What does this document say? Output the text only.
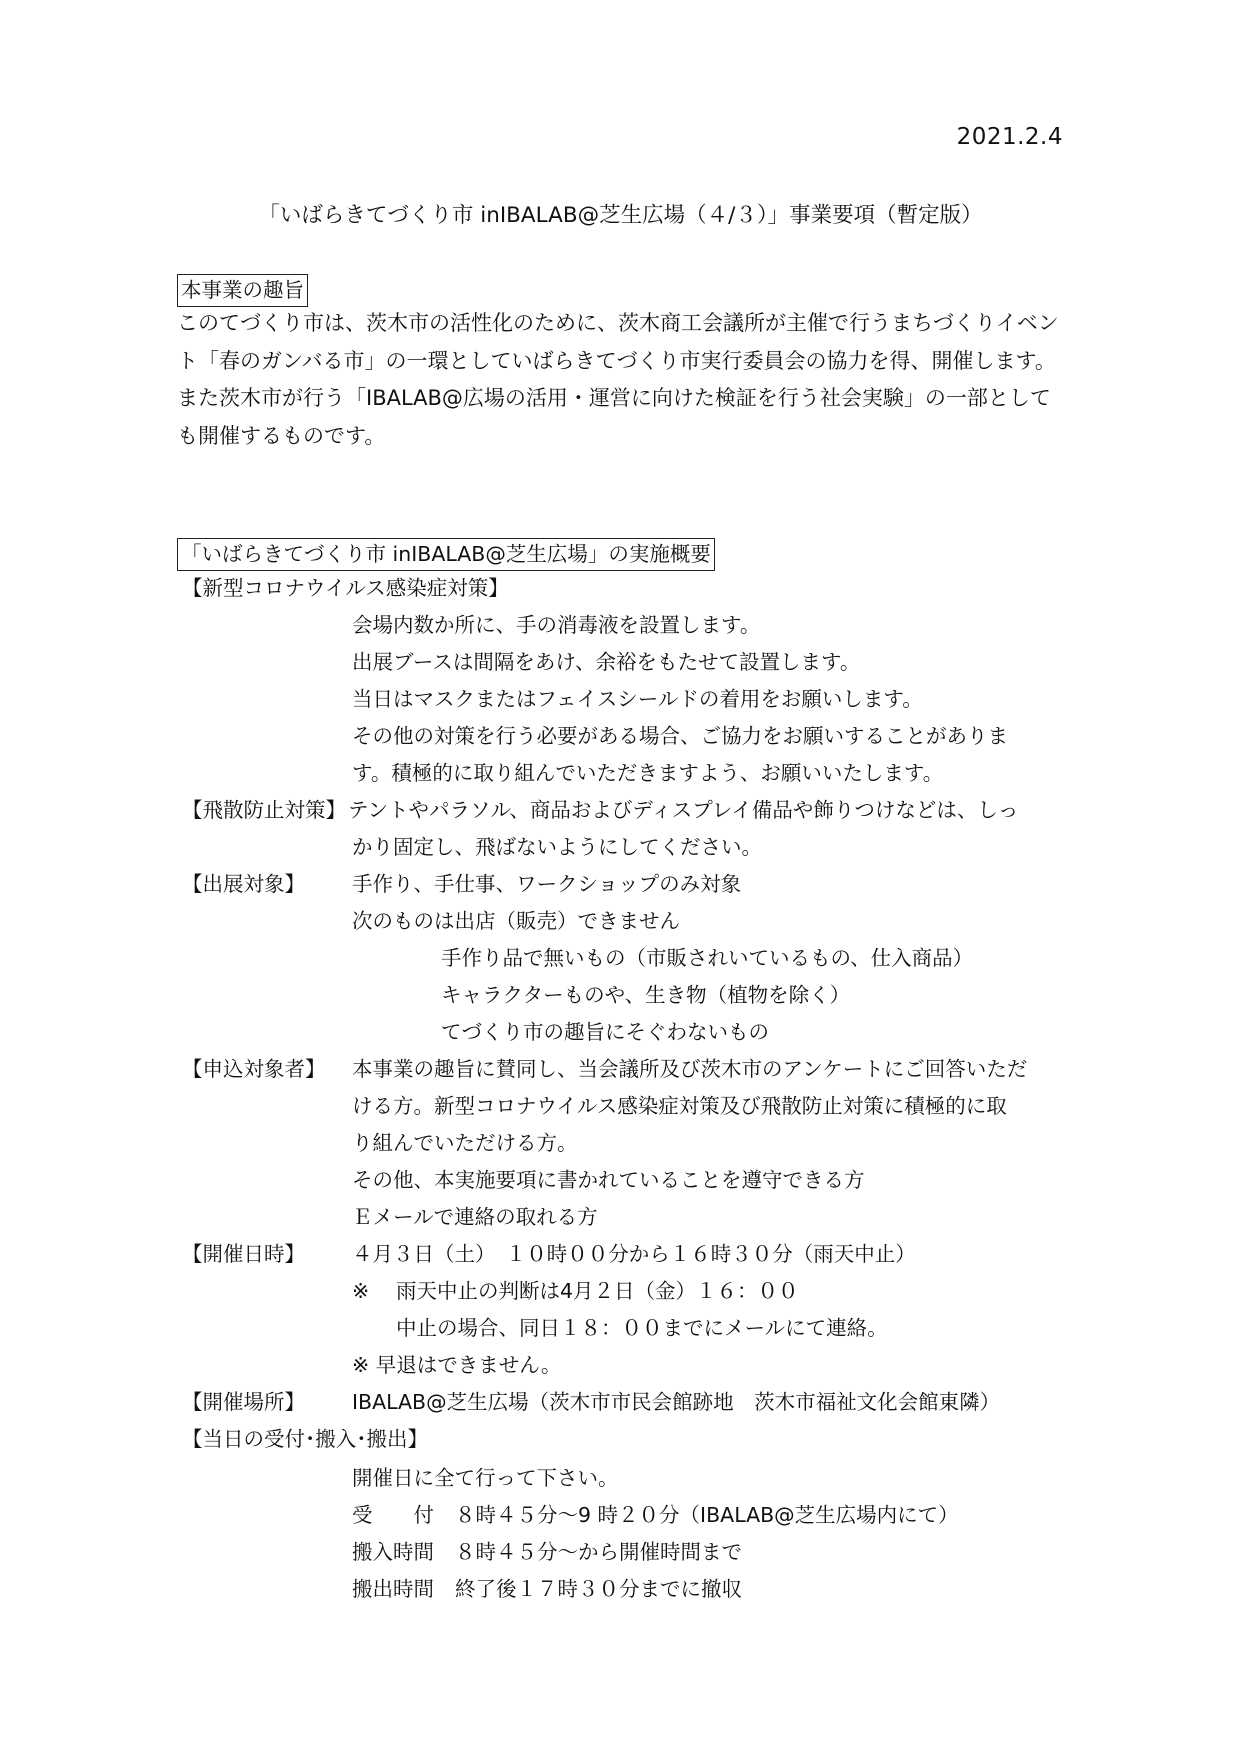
2021.2.4
「いばらきてづくり市 inIBALAB@芝生広場（４/３）」事業要項（暫定版）
本事業の趣旨

このてづくり市は、茨木市の活性化のために、茨木商工会議所が主催で行うまちづくりイベント「春のガンバる市」の一環としていばらきてづくり市実行委員会の協力を得、開催します。

また茨木市が行う「IBALAB@広場の活用・運営に向けた検証を行う社会実験」の一部としても開催するものです。

「いばらきてづくり市 inIBALAB@芝生広場」の実施概要
【新型コロナウイルス感染症対策】
会場内数か所に、手の消毒液を設置します。
出展ブースは間隔をあけ、余裕をもたせて設置します。
当日はマスクまたはフェイスシールドの着用をお願いします。
その他の対策を行う必要がある場合、ご協力をお願いすることがありま
す。積極的に取り組んでいただきますよう、お願いいたします。
【飛散防止対策】 テントやパラソル、商品およびディスプレイ備品や飾りつけなどは、しっ
かり固定し、飛ばないようにしてください。
【出展対象】 手作り、手仕事、ワークショップのみ対象
次のものは出店（販売）できません
手作り品で無いもの（市販されいているもの、仕入商品）
キャラクターものや、生き物（植物を除く）
てづくり市の趣旨にそぐわないもの
【申込対象者】 本事業の趣旨に賛同し、当会議所及び茨木市のアンケートにご回答いただ
ける方。新型コロナウイルス感染症対策及び飛散防止対策に積極的に取
り組んでいただける方。
その他、本実施要項に書かれていることを遵守できる方
Ｅメールで連絡の取れる方
【開催日時】 ４月３日（土）　１０時００分から１６時３０分（雨天中止）
※ 雨天中止の判断は4月２日（金）１６：００
中止の場合、同日１８：００までにメールにて連絡。
※ 早退はできません。
【開催場所】 IBALAB@芝生広場（茨木市市民会館跡地　茨木市福祉文化会館東隣）
【当日の受付･搬入･搬出】
開催日に全て行って下さい。
受　　付 ８時４５分～9 時２０分（IBALAB@芝生広場内にて）
搬入時間 ８時４５分～から開催時間まで
搬出時間 終了後１７時３０分までに撤収
